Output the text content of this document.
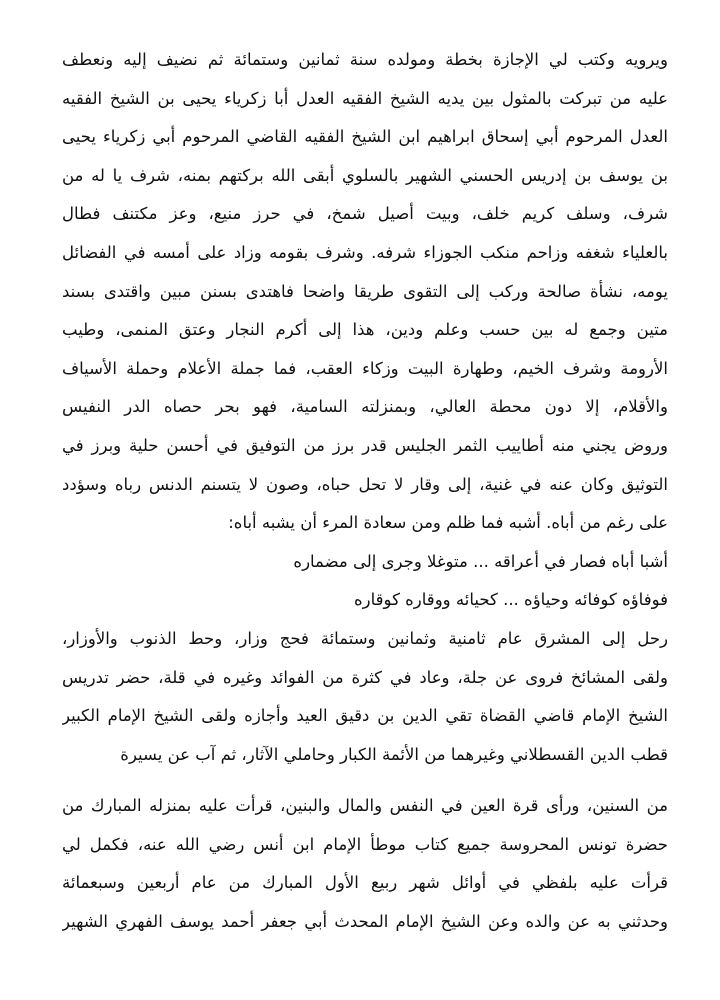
ويرويه وكتب لي الإجازة بخطة ومولده سنة ثمانين وستمائة ثم نضيف إليه ونعطف
عليه من تبركت بالمثول بين يديه الشيخ الفقيه العدل أبا زكرياء يحيى بن الشيخ الفقيه
العدل المرحوم أبي إسحاق ابراهيم ابن الشيخ الفقيه القاضي المرحوم أبي زكرياء يحيى
بن يوسف بن إدريس الحسني الشهير بالسلوي أبقى الله بركتهم بمنه، شرف يا له من
شرف، وسلف كريم خلف، وبيت أصيل شمخ، في حرز منيع، وعز مكتنف فطال
بالعلياء شغفه وزاحم منكب الجوزاء شرفه. وشرف بقومه وزاد على أمسه في الفضائل
يومه، نشأة صالحة وركب إلى التقوى طريقا واضحا فاهتدى بسنن مبين واقتدى بسند
متين وجمع له بين حسب وعلم ودين، هذا إلى أكرم النجار وعتق المنمى، وطيب
الأرومة وشرف الخيم، وطهارة البيت وزكاء العقب، فما جملة الأعلام وحملة الأسياف
والأقلام، إلا دون محطة العالي، وبمنزلته السامية، فهو بحر حصاه الدر النفيس
وروض يجني منه أطاييب الثمر الجليس قدر برز من التوفيق في أحسن حلية وبرز في
التوثيق وكان عنه في غنية، إلى وقار لا تحل حباه، وصون لا يتسنم الدنس رباه وسؤدد
على رغم من أباه. أشبه فما ظلم ومن سعادة المرء أن يشبه أباه:
أشبا أباه فصار في أعراقه ... متوغلا وجرى إلى مضماره
فوفاؤه كوفائه وحياؤه ... كحيائه ووقاره كوقاره
رحل إلى المشرق عام ثامنية وثمانين وستمائة فحج وزار، وحط الذنوب والأوزار،
ولقى المشائخ فروى عن جلة، وعاد في كثرة من الفوائد وغيره في قلة، حضر تدريس
الشيخ الإمام قاضي القضاة تقي الدين بن دقيق العيد وأجازه ولقى الشيخ الإمام الكبير
قطب الدين القسطلاني وغيرهما من الأئمة الكبار وحاملي الآثار، ثم آب عن يسيرة
من السنين، ورأى قرة العين في النفس والمال والبنين، قرأت عليه بمنزله المبارك من
حضرة تونس المحروسة جميع كتاب موطأ الإمام ابن أنس رضي الله عنه، فكمل لي
قرأت عليه بلفظي في أوائل شهر ربيع الأول المبارك من عام أربعين وسبعمائة
وحدثني به عن والده وعن الشيخ الإمام المحدث أبي جعفر أحمد يوسف الفهري الشهير
